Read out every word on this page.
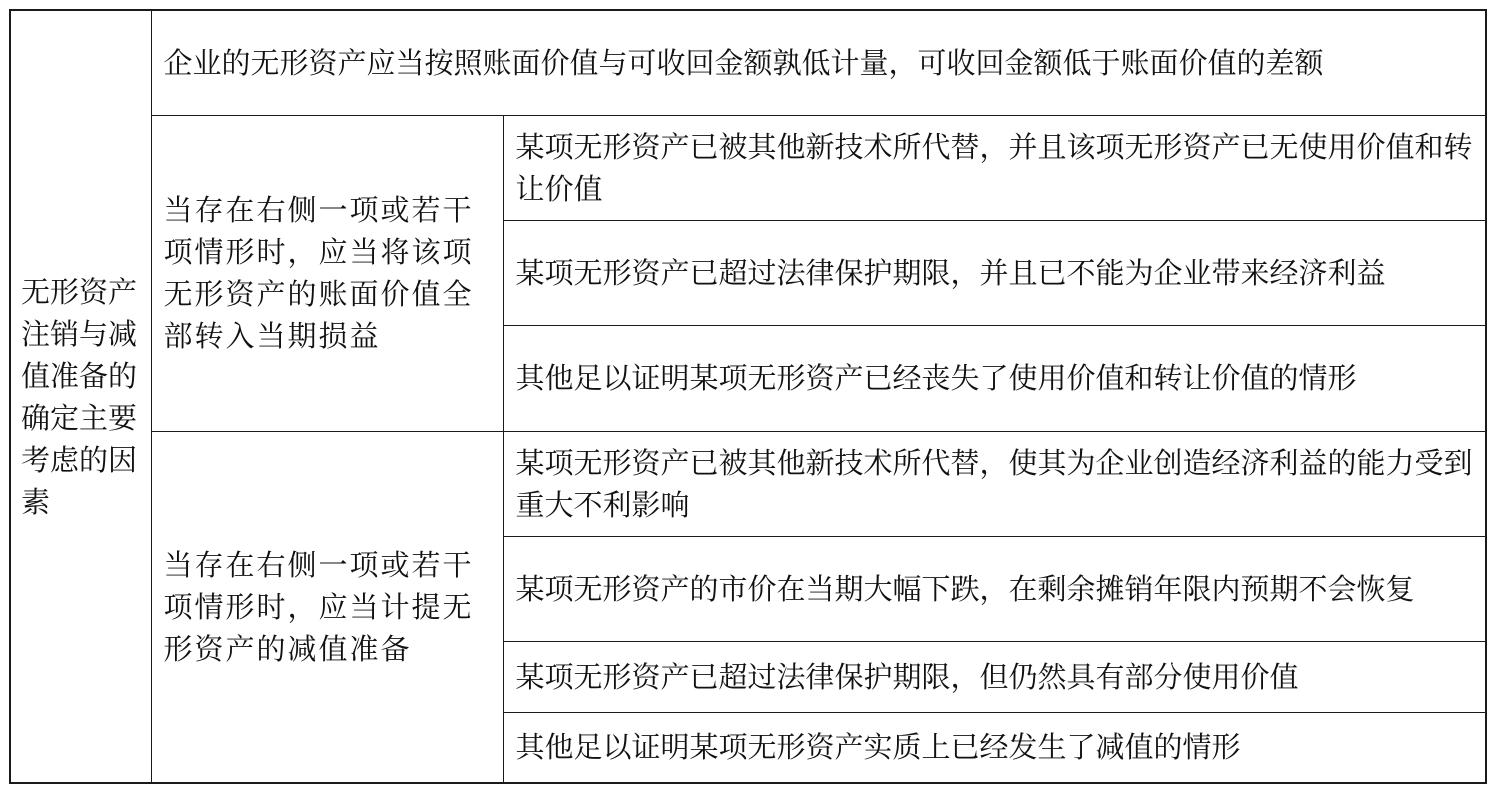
无形资产注销与减值准备的确定主要考虑的因素	企业的无形资产应当按照账面价值与可收回金额孰低计量，可收回金额低于账面价值的差额	
	当存在右侧一项或若干项情形时，应当将该项无形资产的账面价值全部转入当期损益	某项无形资产已被其他新技术所代替，并且该项无形资产已无使用价值和转让价值
		某项无形资产已超过法律保护期限，并且已不能为企业带来经济利益
		其他足以证明某项无形资产已经丧失了使用价值和转让价值的情形
	当存在右侧一项或若干项情形时，应当计提无形资产的减值准备	某项无形资产已被其他新技术所代替，使其为企业创造经济利益的能力受到重大不利影响
		某项无形资产的市价在当期大幅下跌，在剩余摊销年限内预期不会恢复
		某项无形资产已超过法律保护期限，但仍然具有部分使用价值
		其他足以证明某项无形资产实质上已经发生了减值的情形
